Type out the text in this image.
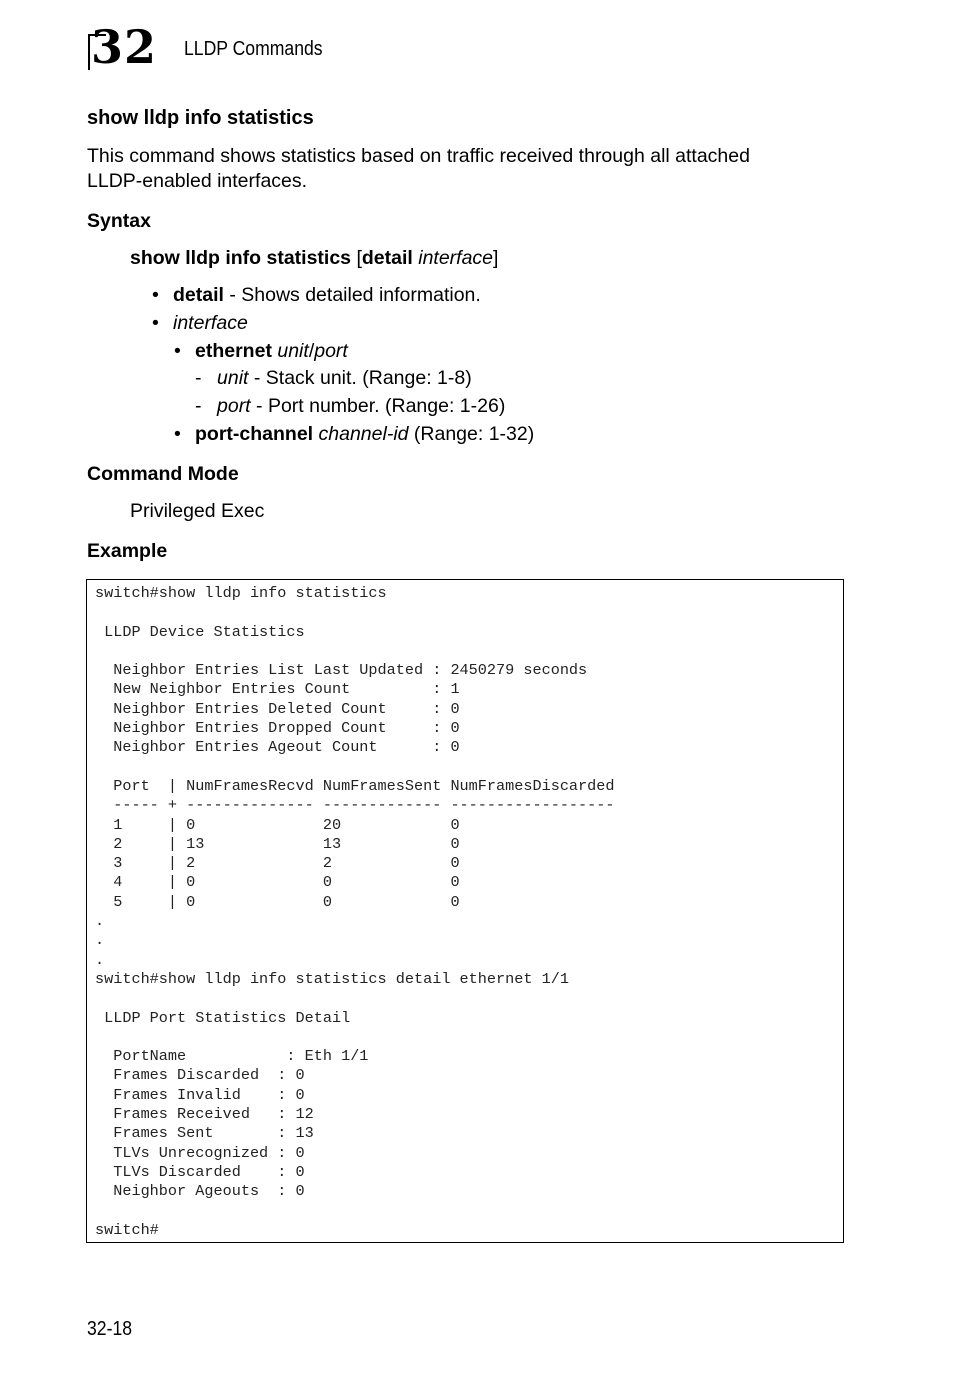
32 LLDP Commands
show lldp info statistics
This command shows statistics based on traffic received through all attached
LLDP-enabled interfaces.
Syntax
show lldp info statistics [detail interface]
• detail - Shows detailed information.
• interface
• ethernet unit/port
- unit - Stack unit. (Range: 1-8)
- port - Port number. (Range: 1-26)
• port-channel channel-id (Range: 1-32)
Command Mode
Privileged Exec
Example
switch#show lldp info statistics

LLDP Device Statistics

Neighbor Entries List Last Updated : 2450279 seconds
New Neighbor Entries Count         : 1
Neighbor Entries Deleted Count     : 0
Neighbor Entries Dropped Count     : 0
Neighbor Entries Ageout Count      : 0

Port  | NumFramesRecvd NumFramesSent NumFramesDiscarded
----- + -------------- ------------- ------------------
1     | 0              20            0
2     | 13             13            0
3     | 2              2             0
4     | 0              0             0
5     | 0              0             0
.
.
.
switch#show lldp info statistics detail ethernet 1/1

LLDP Port Statistics Detail

PortName           : Eth 1/1
Frames Discarded  : 0
Frames Invalid    : 0
Frames Received   : 12
Frames Sent       : 13
TLVs Unrecognized : 0
TLVs Discarded    : 0
Neighbor Ageouts  : 0

switch#
32-18
